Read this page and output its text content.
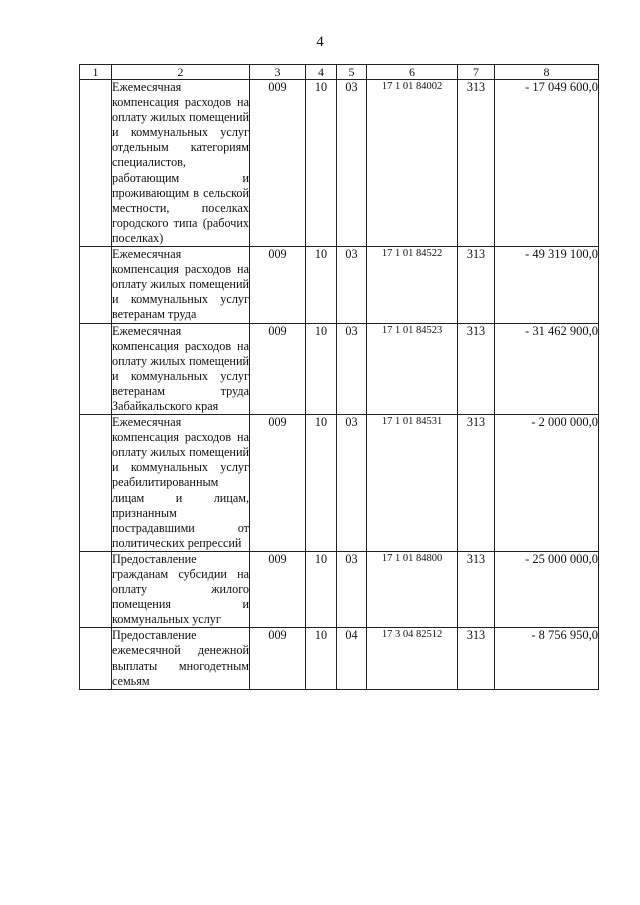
4
1	2	3	4	5	6	7	8
	Ежемесячная компенсация расходов на оплату жилых помещений и коммунальных услуг отдельным категориям специалистов, работающим и проживающим в сельской местности, поселках городского типа (рабочих поселках)	009	10	03	17 1 01 84002	313	- 17 049 600,0
	Ежемесячная компенсация расходов на оплату жилых помещений и коммунальных услуг ветеранам труда	009	10	03	17 1 01 84522	313	- 49 319 100,0
	Ежемесячная компенсация расходов на оплату жилых помещений и коммунальных услуг ветеранам труда Забайкальского края	009	10	03	17 1 01 84523	313	- 31 462 900,0
	Ежемесячная компенсация расходов на оплату жилых помещений и коммунальных услуг реабилитированным лицам и лицам, признанным пострадавшими от политических репрессий	009	10	03	17 1 01 84531	313	- 2 000 000,0
	Предоставление гражданам субсидии на оплату жилого помещения и коммунальных услуг	009	10	03	17 1 01 84800	313	- 25 000 000,0
	Предоставление ежемесячной денежной выплаты многодетным семьям	009	10	04	17 3 04 82512	313	- 8 756 950,0
